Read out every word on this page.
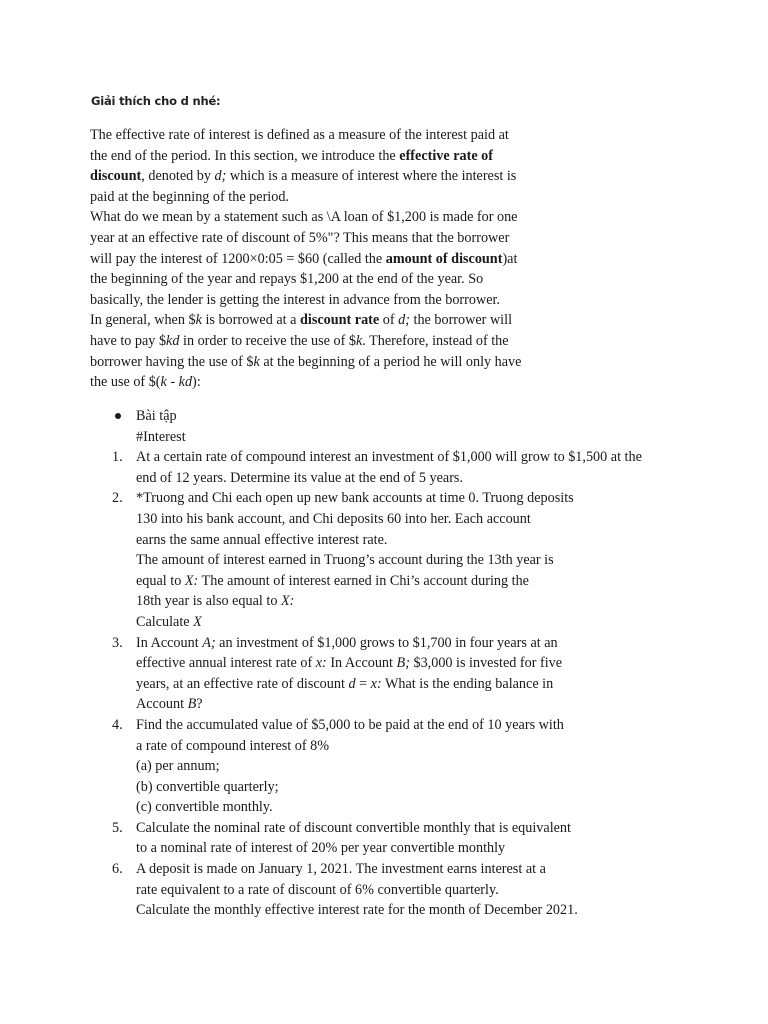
Giải thích cho d nhé:
The effective rate of interest is defined as a measure of the interest paid at
the end of the period. In this section, we introduce the effective rate of
discount, denoted by d; which is a measure of interest where the interest is
paid at the beginning of the period.
What do we mean by a statement such as \A loan of $1,200 is made for one
year at an effective rate of discount of 5%"? This means that the borrower
will pay the interest of 1200×0:05 = $60 (called the amount of discount)at
the beginning of the year and repays $1,200 at the end of the year. So
basically, the lender is getting the interest in advance from the borrower.
In general, when $k is borrowed at a discount rate of d; the borrower will
have to pay $kd in order to receive the use of $k. Therefore, instead of the
borrower having the use of $k at the beginning of a period he will only have
the use of $(k - kd):
Bài tập
#Interest
1. At a certain rate of compound interest an investment of $1,000 will grow to $1,500 at the
end of 12 years. Determine its value at the end of 5 years.
2. *Truong and Chi each open up new bank accounts at time 0. Truong deposits
130 into his bank account, and Chi deposits 60 into her. Each account
earns the same annual effective interest rate.
The amount of interest earned in Truong’s account during the 13th year is
equal to X: The amount of interest earned in Chi’s account during the
18th year is also equal to X:
Calculate X
3. In Account A; an investment of $1,000 grows to $1,700 in four years at an
effective annual interest rate of x: In Account B; $3,000 is invested for five
years, at an effective rate of discount d = x: What is the ending balance in
Account B?
4. Find the accumulated value of $5,000 to be paid at the end of 10 years with
a rate of compound interest of 8%
(a) per annum;
(b) convertible quarterly;
(c) convertible monthly.
5. Calculate the nominal rate of discount convertible monthly that is equivalent
to a nominal rate of interest of 20% per year convertible monthly
6. A deposit is made on January 1, 2021. The investment earns interest at a
rate equivalent to a rate of discount of 6% convertible quarterly.
Calculate the monthly effective interest rate for the month of December 2021.
